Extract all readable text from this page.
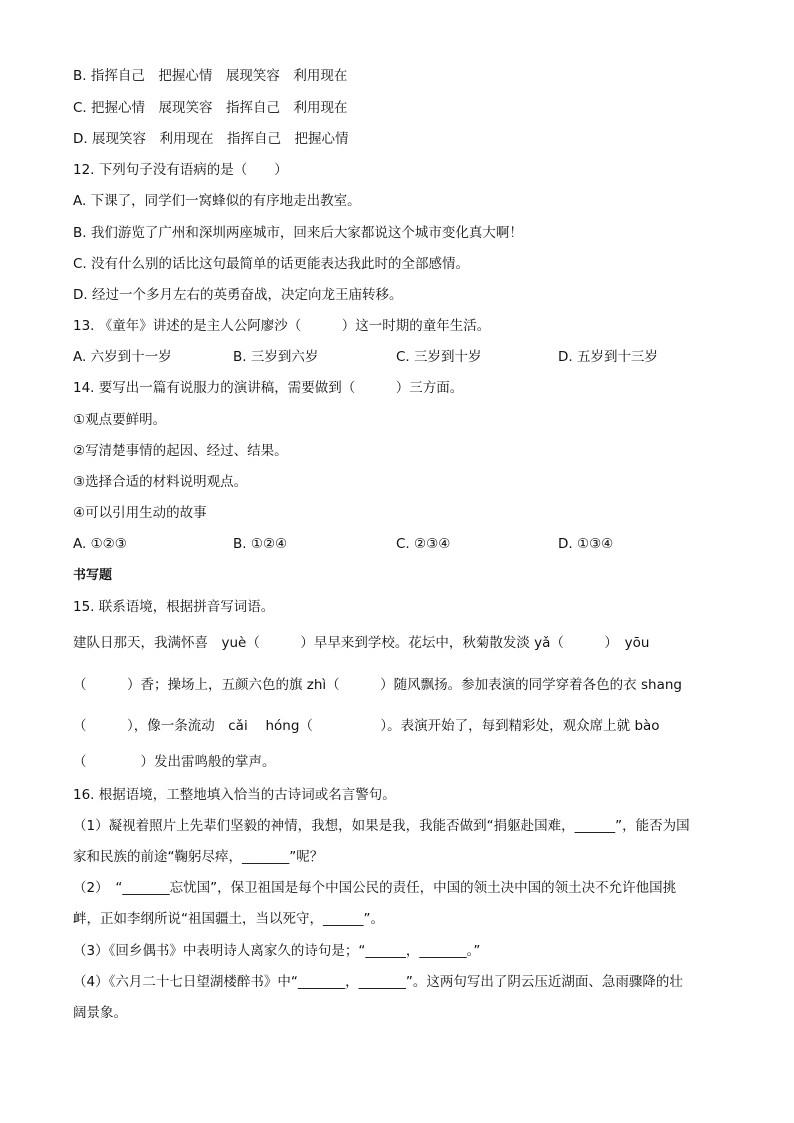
B. 指挥自己　把握心情　展现笑容　利用现在
C. 把握心情　展现笑容　指挥自己　利用现在
D. 展现笑容　利用现在　指挥自己　把握心情
12. 下列句子没有语病的是（　　）
A. 下课了，同学们一窝蜂似的有序地走出教室。
B. 我们游览了广州和深圳两座城市，回来后大家都说这个城市变化真大啊！
C. 没有什么别的话比这句最简单的话更能表达我此时的全部感情。
D. 经过一个多月左右的英勇奋战，决定向龙王庙转移。
13. 《童年》讲述的是主人公阿廖沙（　　　）这一时期的童年生活。
A. 六岁到十一岁	B. 三岁到六岁	C. 三岁到十岁	D. 五岁到十三岁
14. 要写出一篇有说服力的演讲稿，需要做到（　　　）三方面。
①观点要鲜明。
②写清楚事情的起因、经过、结果。
③选择合适的材料说明观点。
④可以引用生动的故事
A. ①②③	B. ①②④	C. ②③④	D. ①③④
书写题
15. 联系语境，根据拼音写词语。
建队日那天，我满怀喜　yuè（　　　）早早来到学校。花坛中，秋菊散发淡 yǎ（　　　）　yōu
（　　　）香；操场上，五颜六色的旗 zhì（　　　）随风飘扬。参加表演的同学穿着各色的衣 shang
（　　　），像一条流动　cǎi　 hóng（　　　　　）。表演开始了，每到精彩处，观众席上就 bào
（　　　　）发出雷鸣般的掌声。
16. 根据语境，工整地填入恰当的古诗词或名言警句。
（1）凝视着照片上先辈们坚毅的神情，我想，如果是我，我能否做到“捐躯赴国难，______”，能否为国
家和民族的前途“鞠躬尽瘁，_______”呢？
（2）　“_______忘忧国”，保卫祖国是每个中国公民的责任，中国的领土决中国的领土决不允许他国挑
衅，正如李纲所说“祖国疆土，当以死守，______”。
（3）《回乡偶书》中表明诗人离家久的诗句是；“______，_______。”
（4）《六月二十七日望湖楼醉书》中“_______，_______”。这两句写出了阴云压近湖面、急雨骤降的壮
阔景象。
